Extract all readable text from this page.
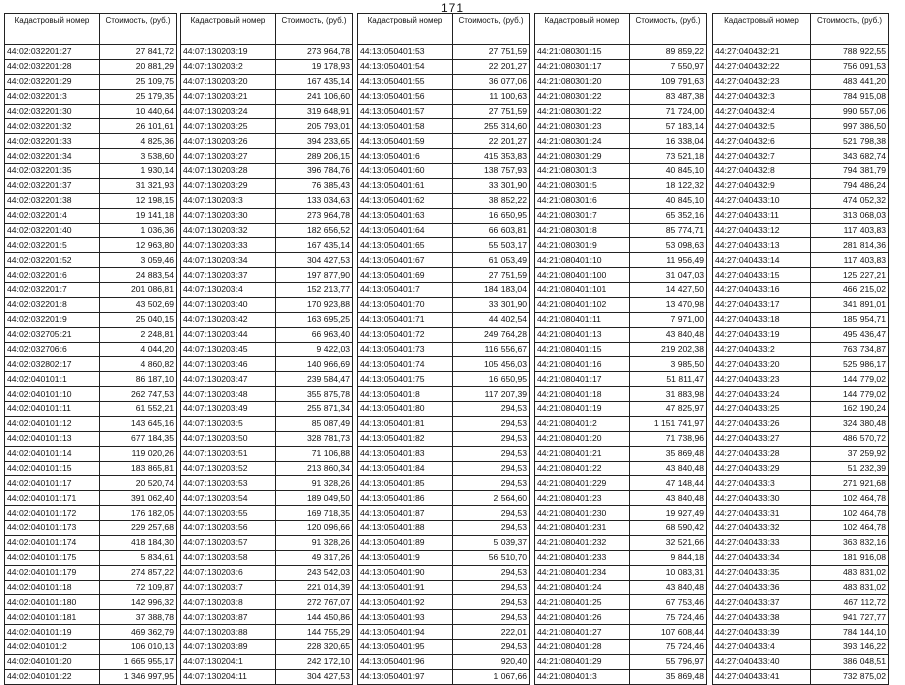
171
Кадастровый номер	Стоимость, (руб.)
44:02:032201:27	27 841,72
44:02:032201:28	20 881,29
44:02:032201:29	25 109,75
44:02:032201:3	25 179,35
44:02:032201:30	10 440,64
44:02:032201:32	26 101,61
44:02:032201:33	4 825,36
44:02:032201:34	3 538,60
44:02:032201:35	1 930,14
44:02:032201:37	31 321,93
44:02:032201:38	12 198,15
44:02:032201:4	19 141,18
44:02:032201:40	1 036,36
44:02:032201:5	12 963,80
44:02:032201:52	3 059,46
44:02:032201:6	24 883,54
44:02:032201:7	201 086,81
44:02:032201:8	43 502,69
44:02:032201:9	25 040,15
44:02:032705:21	2 248,81
44:02:032706:6	4 044,20
44:02:032802:17	4 860,82
44:02:040101:1	86 187,10
44:02:040101:10	262 747,53
44:02:040101:11	61 552,21
44:02:040101:12	143 645,16
44:02:040101:13	677 184,35
44:02:040101:14	119 020,26
44:02:040101:15	183 865,81
44:02:040101:17	20 520,74
44:02:040101:171	391 062,40
44:02:040101:172	176 182,05
44:02:040101:173	229 257,68
44:02:040101:174	418 184,30
44:02:040101:175	5 834,61
44:02:040101:179	274 857,22
44:02:040101:18	72 109,87
44:02:040101:180	142 996,32
44:02:040101:181	37 388,78
44:02:040101:19	469 362,79
44:02:040101:2	106 010,13
44:02:040101:20	1 665 955,17
44:02:040101:22	1 346 997,95
Кадастровый номер	Стоимость, (руб.)
44:07:130203:19	273 964,78
44:07:130203:2	19 178,93
44:07:130203:20	167 435,14
44:07:130203:21	241 106,60
44:07:130203:24	319 648,91
44:07:130203:25	205 793,01
44:07:130203:26	394 233,65
44:07:130203:27	289 206,15
44:07:130203:28	396 784,76
44:07:130203:29	76 385,43
44:07:130203:3	133 034,63
44:07:130203:30	273 964,78
44:07:130203:32	182 656,52
44:07:130203:33	167 435,14
44:07:130203:34	304 427,53
44:07:130203:37	197 877,90
44:07:130203:4	152 213,77
44:07:130203:40	170 923,88
44:07:130203:42	163 695,25
44:07:130203:44	66 963,40
44:07:130203:45	9 422,03
44:07:130203:46	140 966,69
44:07:130203:47	239 584,47
44:07:130203:48	355 875,78
44:07:130203:49	255 871,34
44:07:130203:5	85 087,49
44:07:130203:50	328 781,73
44:07:130203:51	71 106,88
44:07:130203:52	213 860,34
44:07:130203:53	91 328,26
44:07:130203:54	189 049,50
44:07:130203:55	169 718,35
44:07:130203:56	120 096,66
44:07:130203:57	91 328,26
44:07:130203:58	49 317,26
44:07:130203:6	243 542,03
44:07:130203:7	221 014,39
44:07:130203:8	272 767,07
44:07:130203:87	144 450,86
44:07:130203:88	144 755,29
44:07:130203:89	228 320,65
44:07:130204:1	242 172,10
44:07:130204:11	304 427,53
Кадастровый номер	Стоимость, (руб.)
44:13:050401:53	27 751,59
44:13:050401:54	22 201,27
44:13:050401:55	36 077,06
44:13:050401:56	11 100,63
44:13:050401:57	27 751,59
44:13:050401:58	255 314,60
44:13:050401:59	22 201,27
44:13:050401:6	415 353,83
44:13:050401:60	138 757,93
44:13:050401:61	33 301,90
44:13:050401:62	38 852,22
44:13:050401:63	16 650,95
44:13:050401:64	66 603,81
44:13:050401:65	55 503,17
44:13:050401:67	61 053,49
44:13:050401:69	27 751,59
44:13:050401:7	184 183,04
44:13:050401:70	33 301,90
44:13:050401:71	44 402,54
44:13:050401:72	249 764,28
44:13:050401:73	116 556,67
44:13:050401:74	105 456,03
44:13:050401:75	16 650,95
44:13:050401:8	117 207,39
44:13:050401:80	294,53
44:13:050401:81	294,53
44:13:050401:82	294,53
44:13:050401:83	294,53
44:13:050401:84	294,53
44:13:050401:85	294,53
44:13:050401:86	2 564,60
44:13:050401:87	294,53
44:13:050401:88	294,53
44:13:050401:89	5 039,37
44:13:050401:9	56 510,70
44:13:050401:90	294,53
44:13:050401:91	294,53
44:13:050401:92	294,53
44:13:050401:93	294,53
44:13:050401:94	222,01
44:13:050401:95	294,53
44:13:050401:96	920,40
44:13:050401:97	1 067,66
Кадастровый номер	Стоимость, (руб.)
44:21:080301:15	89 859,22
44:21:080301:17	7 550,97
44:21:080301:20	109 791,63
44:21:080301:22	83 487,38
44:21:080301:22	71 724,00
44:21:080301:23	57 183,14
44:21:080301:24	16 338,04
44:21:080301:29	73 521,18
44:21:080301:3	40 845,10
44:21:080301:5	18 122,32
44:21:080301:6	40 845,10
44:21:080301:7	65 352,16
44:21:080301:8	85 774,71
44:21:080301:9	53 098,63
44:21:080401:10	11 956,49
44:21:080401:100	31 047,03
44:21:080401:101	14 427,50
44:21:080401:102	13 470,98
44:21:080401:11	7 971,00
44:21:080401:13	43 840,48
44:21:080401:15	219 202,38
44:21:080401:16	3 985,50
44:21:080401:17	51 811,47
44:21:080401:18	31 883,98
44:21:080401:19	47 825,97
44:21:080401:2	1 151 741,97
44:21:080401:20	71 738,96
44:21:080401:21	35 869,48
44:21:080401:22	43 840,48
44:21:080401:229	47 148,44
44:21:080401:23	43 840,48
44:21:080401:230	19 927,49
44:21:080401:231	68 590,42
44:21:080401:232	32 521,66
44:21:080401:233	9 844,18
44:21:080401:234	10 083,31
44:21:080401:24	43 840,48
44:21:080401:25	67 753,46
44:21:080401:26	75 724,46
44:21:080401:27	107 608,44
44:21:080401:28	75 724,46
44:21:080401:29	55 796,97
44:21:080401:3	35 869,48
Кадастровый номер	Стоимость, (руб.)
44:27:040432:21	788 922,55
44:27:040432:22	756 091,53
44:27:040432:23	483 441,20
44:27:040432:3	784 915,08
44:27:040432:4	990 557,06
44:27:040432:5	997 386,50
44:27:040432:6	521 798,38
44:27:040432:7	343 682,74
44:27:040432:8	794 381,79
44:27:040432:9	794 486,24
44:27:040433:10	474 052,32
44:27:040433:11	313 068,03
44:27:040433:12	117 403,83
44:27:040433:13	281 814,36
44:27:040433:14	117 403,83
44:27:040433:15	125 227,21
44:27:040433:16	466 215,02
44:27:040433:17	341 891,01
44:27:040433:18	185 954,71
44:27:040433:19	495 436,47
44:27:040433:2	763 734,87
44:27:040433:20	525 986,17
44:27:040433:23	144 779,02
44:27:040433:24	144 779,02
44:27:040433:25	162 190,24
44:27:040433:26	324 380,48
44:27:040433:27	486 570,72
44:27:040433:28	37 259,92
44:27:040433:29	51 232,39
44:27:040433:3	271 921,68
44:27:040433:30	102 464,78
44:27:040433:31	102 464,78
44:27:040433:32	102 464,78
44:27:040433:33	363 832,16
44:27:040433:34	181 916,08
44:27:040433:35	483 831,02
44:27:040433:36	483 831,02
44:27:040433:37	467 112,72
44:27:040433:38	941 727,77
44:27:040433:39	784 144,10
44:27:040433:4	393 146,22
44:27:040433:40	386 048,51
44:27:040433:41	732 875,02
